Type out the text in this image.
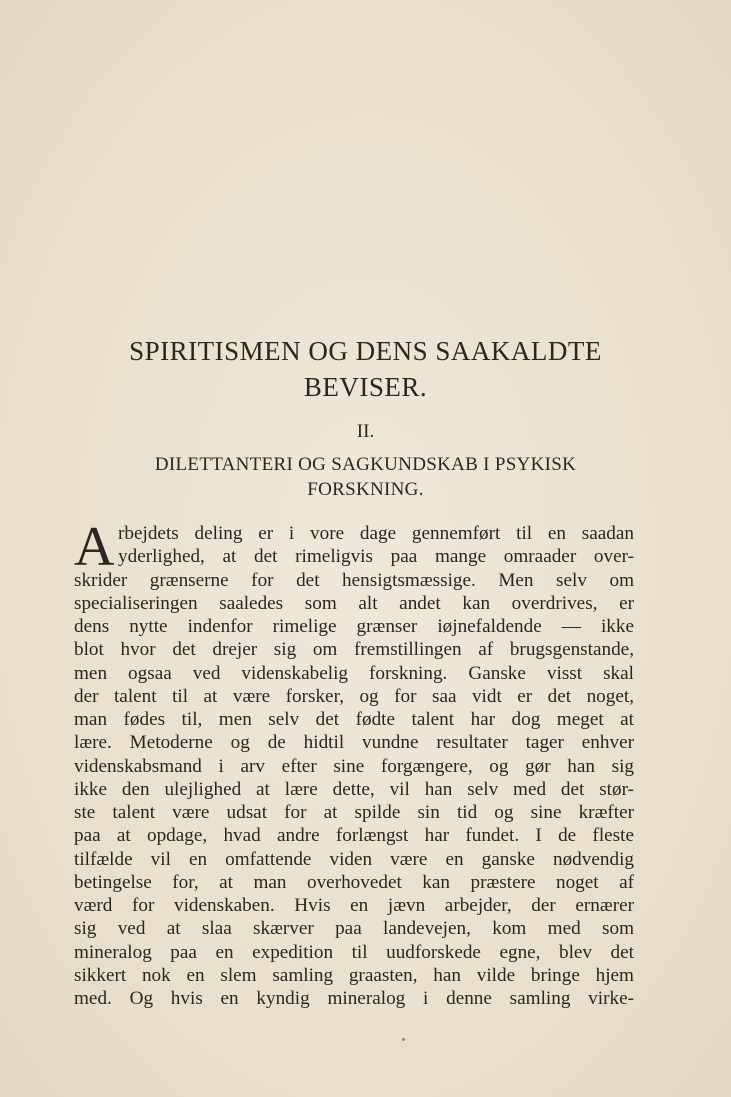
SPIRITISMEN OG DENS SAAKALDTE
BEVISER.
II.
DILETTANTERI OG SAGKUNDSKAB I PSYKISK
FORSKNING.
A rbejdets deling er i vore dage gennemført til en saadan
yderlighed, at det rimeligvis paa mange omraader over-
skrider grænserne for det hensigtsmæssige. Men selv om
specialiseringen saaledes som alt andet kan overdrives, er
dens nytte indenfor rimelige grænser iøjnefaldende — ikke
blot hvor det drejer sig om fremstillingen af brugsgenstande,
men ogsaa ved videnskabelig forskning. Ganske visst skal
der talent til at være forsker, og for saa vidt er det noget,
man fødes til, men selv det fødte talent har dog meget at
lære. Metoderne og de hidtil vundne resultater tager enhver
videnskabsmand i arv efter sine forgængere, og gør han sig
ikke den ulejlighed at lære dette, vil han selv med det stør-
ste talent være udsat for at spilde sin tid og sine kræfter
paa at opdage, hvad andre forlængst har fundet. I de fleste
tilfælde vil en omfattende viden være en ganske nødvendig
betingelse for, at man overhovedet kan præstere noget af
værd for videnskaben. Hvis en jævn arbejder, der ernærer
sig ved at slaa skærver paa landevejen, kom med som
mineralog paa en expedition til uudforskede egne, blev det
sikkert nok en slem samling graasten, han vilde bringe hjem
med. Og hvis en kyndig mineralog i denne samling virke-
